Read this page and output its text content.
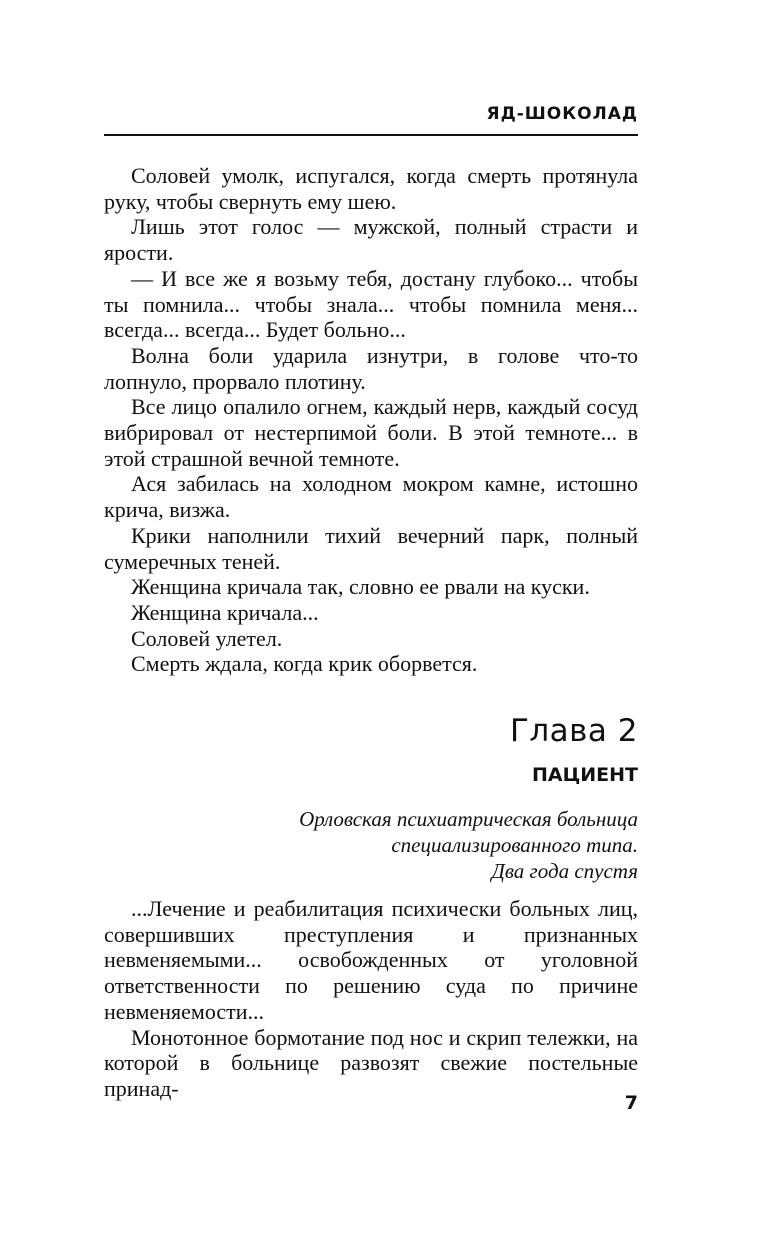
ЯД-ШОКОЛАД

Соловей умолк, испугался, когда смерть протянула руку, чтобы свернуть ему шею.

Лишь этот голос — мужской, полный страсти и ярости.

— И все же я возьму тебя, достану глубоко... чтобы ты помнила... чтобы знала... чтобы помнила меня... всегда... всегда... Будет больно...

Волна боли ударила изнутри, в голове что-то лопнуло, прорвало плотину.

Все лицо опалило огнем, каждый нерв, каждый сосуд вибрировал от нестерпимой боли. В этой темноте... в этой страшной вечной темноте.

Ася забилась на холодном мокром камне, истошно крича, визжа.

Крики наполнили тихий вечерний парк, полный сумеречных теней.

Женщина кричала так, словно ее рвали на куски.

Женщина кричала...

Соловей улетел.

Смерть ждала, когда крик оборвется.

Глава 2
ПАЦИЕНТ
Орловская психиатрическая больница
специализированного типа.
Два года спустя

...Лечение и реабилитация психически больных лиц, совершивших преступления и признанных невменяемыми... освобожденных от уголовной ответственности по решению суда по причине невменяемости...

Монотонное бормотание под нос и скрип тележки, на которой в больнице развозят свежие постельные принад-

7
